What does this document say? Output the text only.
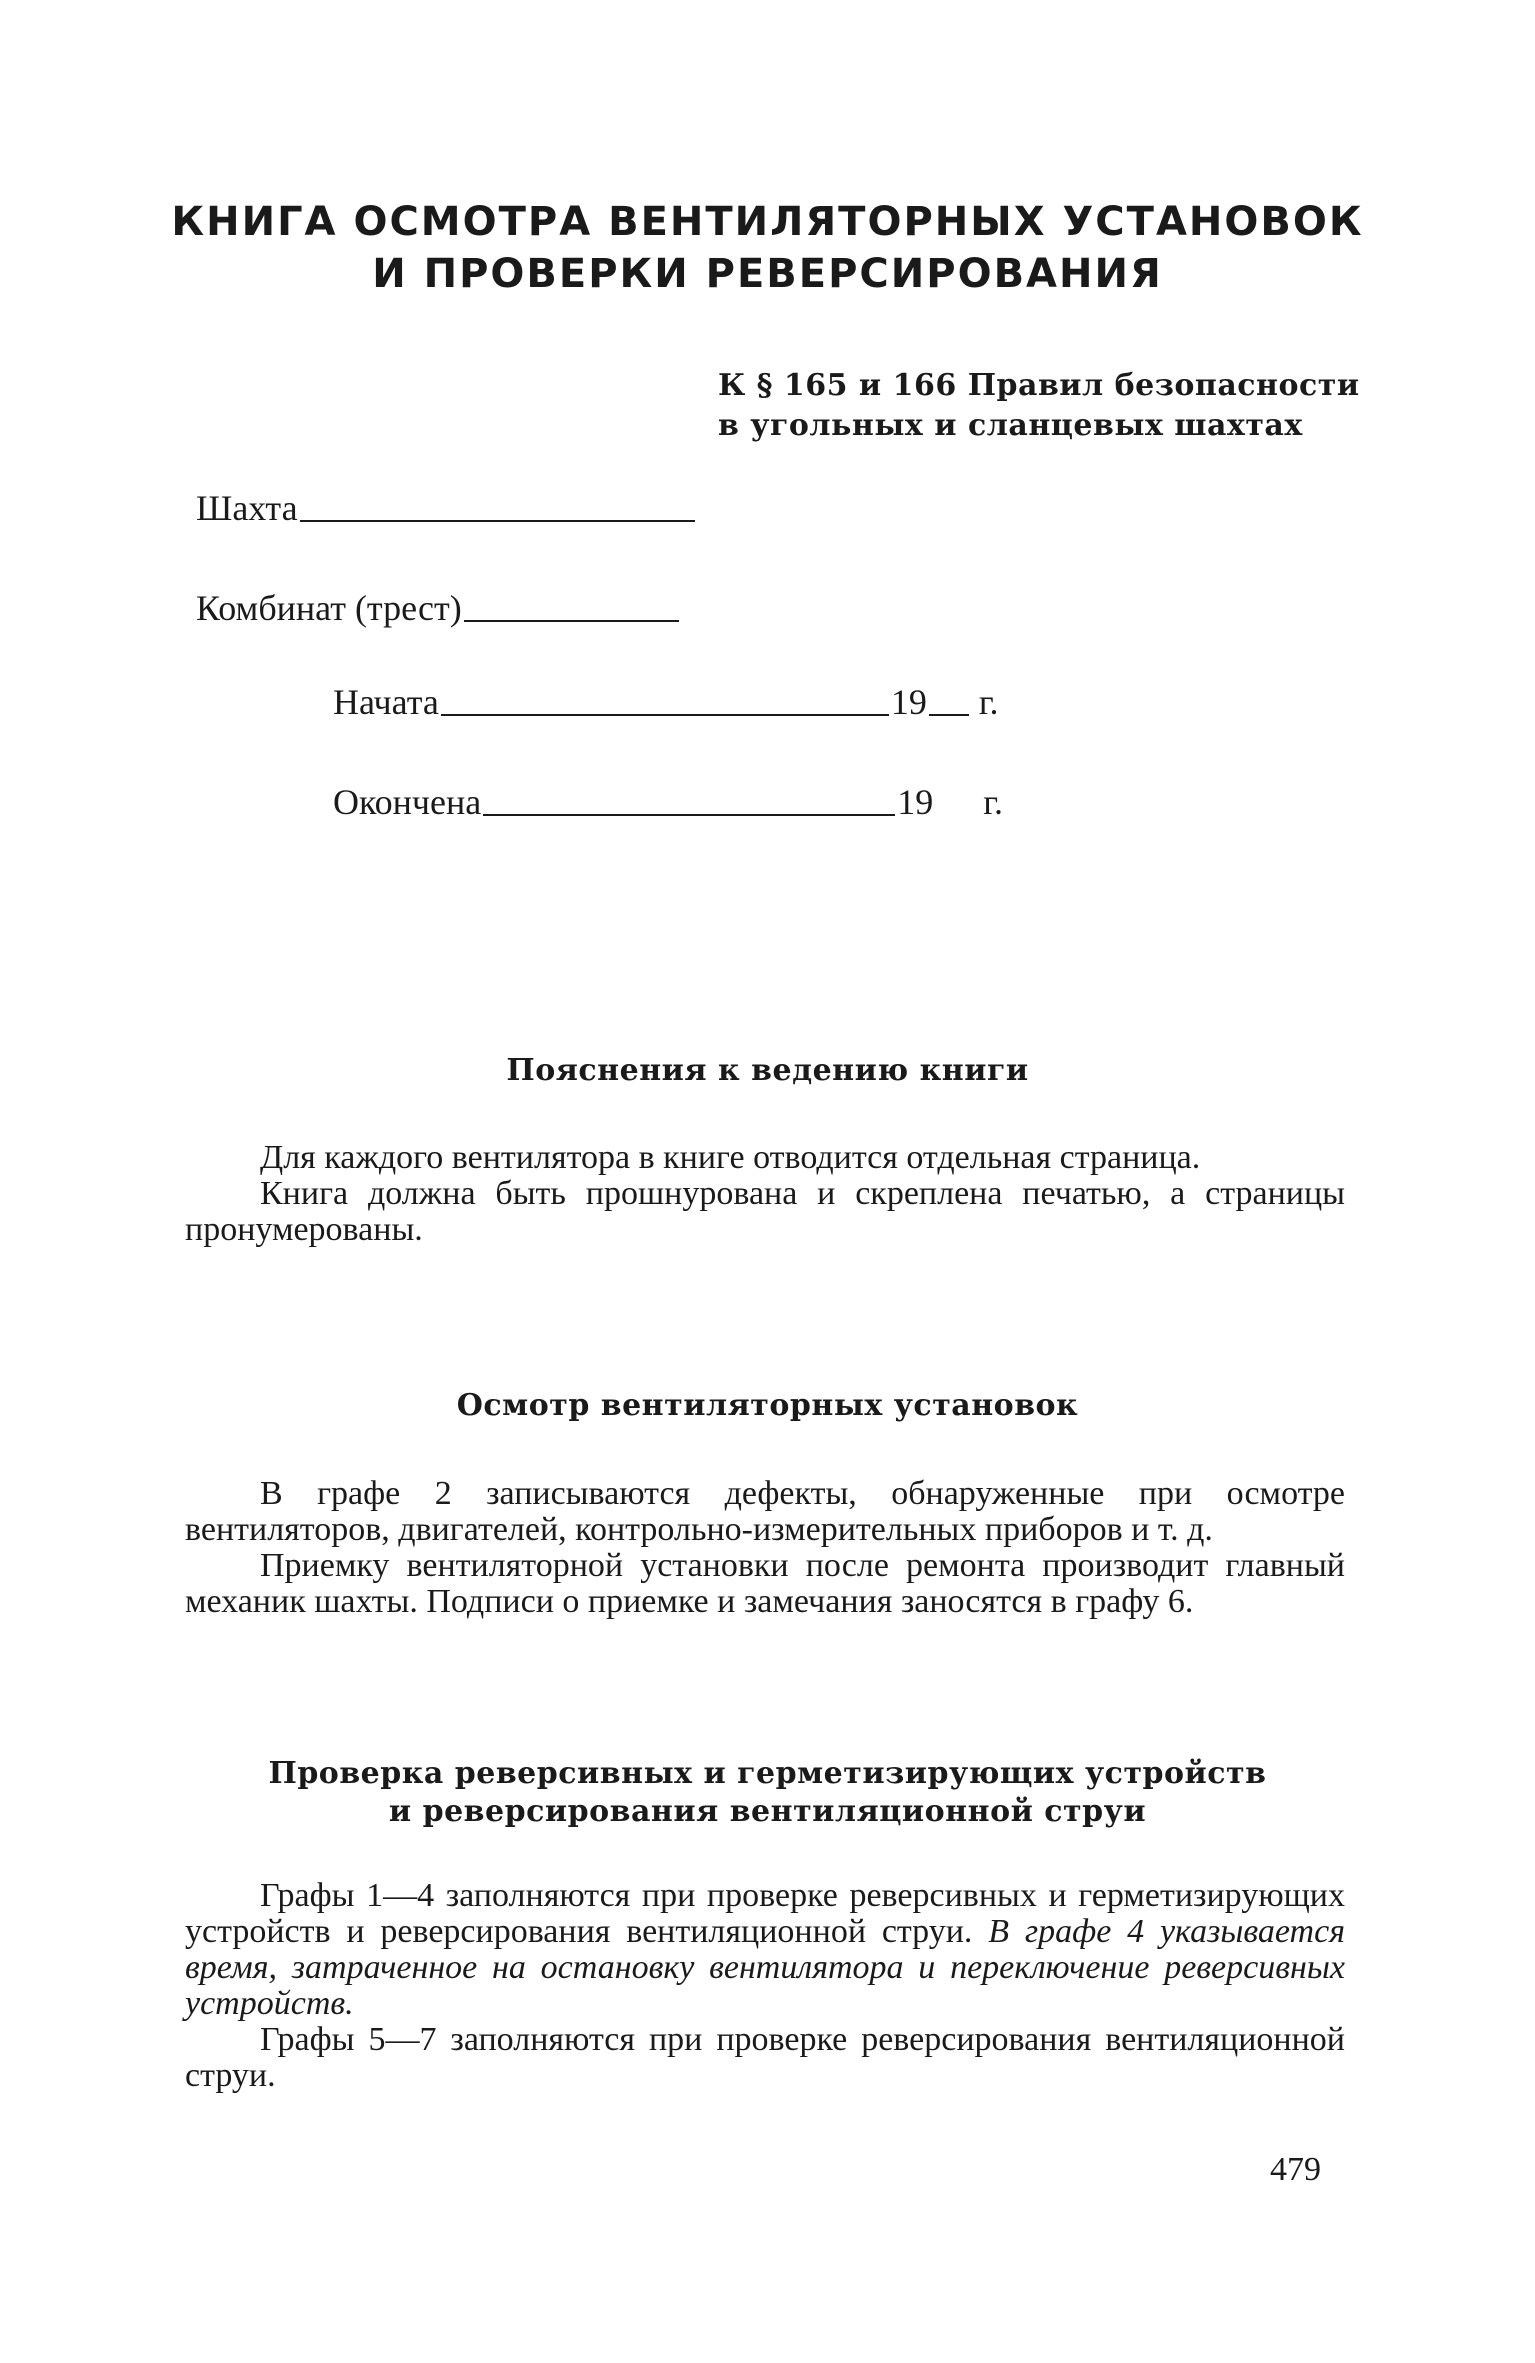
КНИГА ОСМОТРА ВЕНТИЛЯТОРНЫХ УСТАНОВОК
И ПРОВЕРКИ РЕВЕРСИРОВАНИЯ
К § 165 и 166 Правил безопасности
в угольных и сланцевых шахтах
Шахта
Комбинат (трест)
Начата	19 г.
Окончена	19 г.
Пояснения к ведению книги

Для каждого вентилятора в книге отводится отдельная страница.

Книга должна быть прошнурована и скреплена печатью, а страницы пронумерованы.

Осмотр вентиляторных установок

В графе 2 записываются дефекты, обнаруженные при осмотре вентиляторов, двигателей, контрольно-измерительных приборов и т. д.

Приемку вентиляторной установки после ремонта производит главный механик шахты. Подписи о приемке и замечания заносятся в графу 6.

Проверка реверсивных и герметизирующих устройств
и реверсирования вентиляционной струи

Графы 1—4 заполняются при проверке реверсивных и герметизирующих устройств и реверсирования вентиляционной струи. В графе 4 указывается время, затраченное на остановку вентилятора и переключение реверсивных устройств.

Графы 5—7 заполняются при проверке реверсирования вентиляционной струи.

479
